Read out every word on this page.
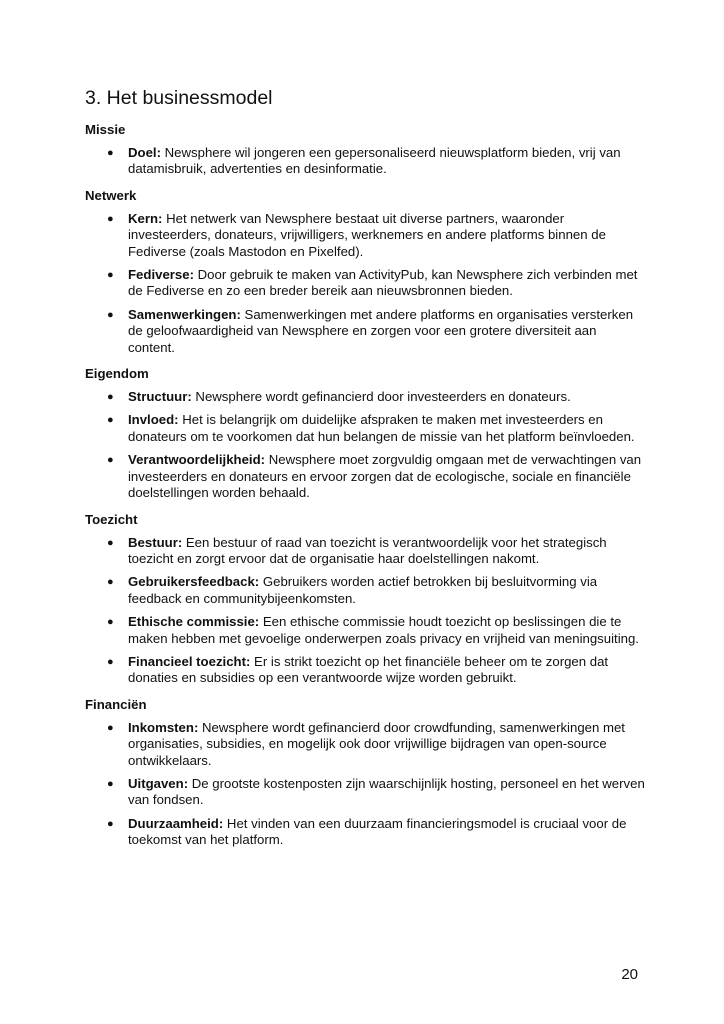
3. Het businessmodel
Missie
● Doel: Newsphere wil jongeren een gepersonaliseerd nieuwsplatform bieden, vrij van datamisbruik, advertenties en desinformatie.
Netwerk
● Kern: Het netwerk van Newsphere bestaat uit diverse partners, waaronder investeerders, donateurs, vrijwilligers, werknemers en andere platforms binnen de Fediverse (zoals Mastodon en Pixelfed).
● Fediverse: Door gebruik te maken van ActivityPub, kan Newsphere zich verbinden met de Fediverse en zo een breder bereik aan nieuwsbronnen bieden.
● Samenwerkingen: Samenwerkingen met andere platforms en organisaties versterken de geloofwaardigheid van Newsphere en zorgen voor een grotere diversiteit aan content.
Eigendom
● Structuur: Newsphere wordt gefinancierd door investeerders en donateurs.
● Invloed: Het is belangrijk om duidelijke afspraken te maken met investeerders en donateurs om te voorkomen dat hun belangen de missie van het platform beïnvloeden.
● Verantwoordelijkheid: Newsphere moet zorgvuldig omgaan met de verwachtingen van investeerders en donateurs en ervoor zorgen dat de ecologische, sociale en financiële doelstellingen worden behaald.
Toezicht
● Bestuur: Een bestuur of raad van toezicht is verantwoordelijk voor het strategisch toezicht en zorgt ervoor dat de organisatie haar doelstellingen nakomt.
● Gebruikersfeedback: Gebruikers worden actief betrokken bij besluitvorming via feedback en communitybijeenkomsten.
● Ethische commissie: Een ethische commissie houdt toezicht op beslissingen die te maken hebben met gevoelige onderwerpen zoals privacy en vrijheid van meningsuiting.
● Financieel toezicht: Er is strikt toezicht op het financiële beheer om te zorgen dat donaties en subsidies op een verantwoorde wijze worden gebruikt.
Financiën
● Inkomsten: Newsphere wordt gefinancierd door crowdfunding, samenwerkingen met organisaties, subsidies, en mogelijk ook door vrijwillige bijdragen van open-source ontwikkelaars.
● Uitgaven: De grootste kostenposten zijn waarschijnlijk hosting, personeel en het werven van fondsen.
● Duurzaamheid: Het vinden van een duurzaam financieringsmodel is cruciaal voor de toekomst van het platform.
20
